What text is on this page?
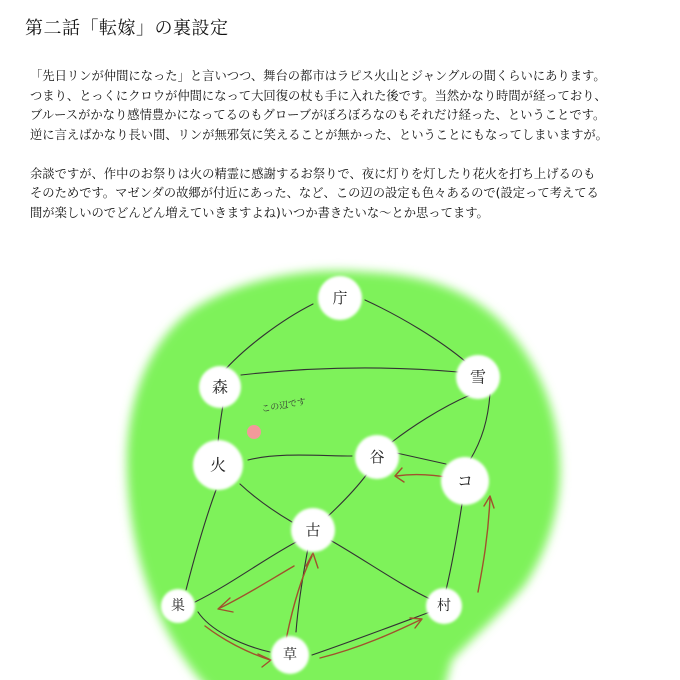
第二話「転嫁」の裏設定

「先日リンが仲間になった」と言いつつ、舞台の都市はラピス火山とジャングルの間くらいにあります。
つまり、とっくにクロウが仲間になって大回復の杖も手に入れた後です。当然かなり時間が経っており、
ブルースがかなり感情豊かになってるのもグローブがぼろぼろなのもそれだけ経った、ということです。
逆に言えばかなり長い間、リンが無邪気に笑えることが無かった、ということにもなってしまいますが。

余談ですが、作中のお祭りは火の精霊に感謝するお祭りで、夜に灯りを灯したり花火を打ち上げるのも
そのためです。マゼンダの故郷が付近にあった、など、この辺の設定も色々あるので(設定って考えてる
間が楽しいのでどんどん増えていきますよね)いつか書きたいな〜とか思ってます。

この辺です
庁
森
雪
火	谷
コ
古
巣	村
草
